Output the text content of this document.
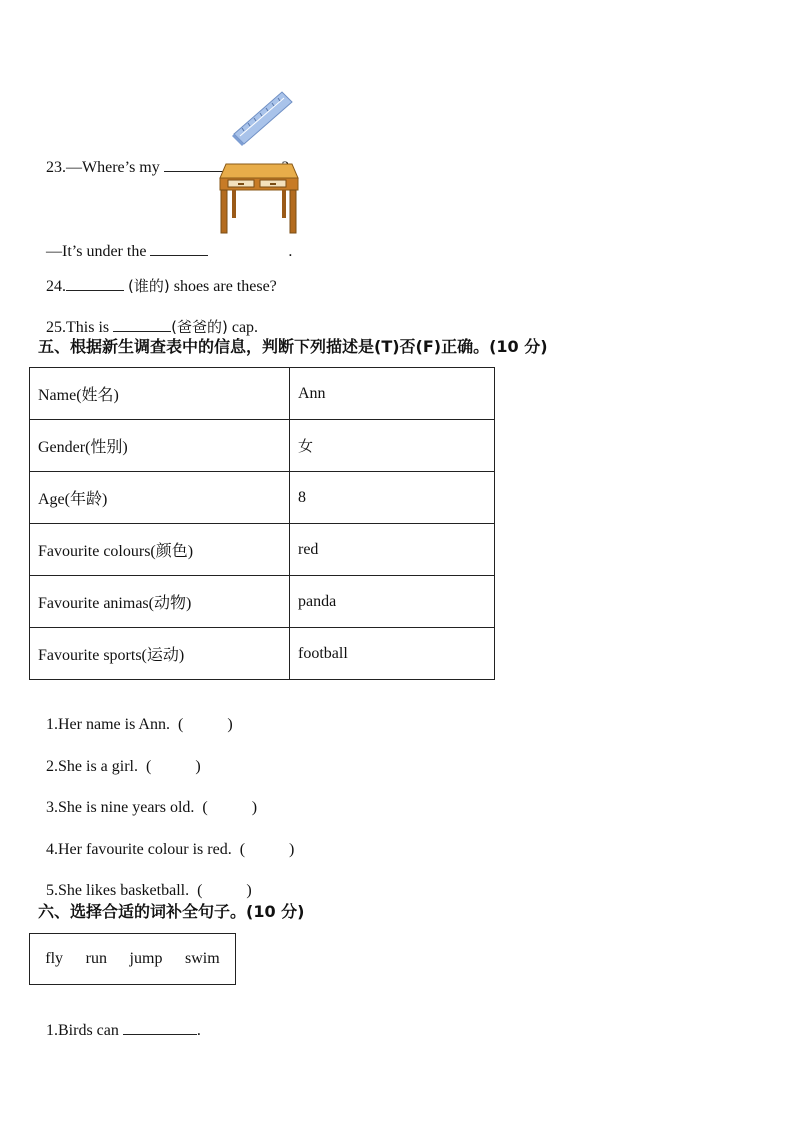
23.—Where’s my

—It’s under the	.

24.	(谁的) shoes are these?

25.This is	(爸爸的) cap.

五、根据新生调查表中的信息，判断下列描述是(T)否(F)正确。(10 分)
Name(姓名)	Ann
Gender(性别)	女
Age(年龄)	8
Favourite colours(颜色)	red
Favourite animas(动物)	panda
Favourite sports(运动)	football

1.Her name is Ann. (	)

2.She is a girl. (	)

3.She is nine years old. (	)

4.Her favourite colour is red. (	)

5.She likes basketball. (	)

六、选择合适的词补全句子。(10 分)
fly run jump swim

1.Birds can	.
